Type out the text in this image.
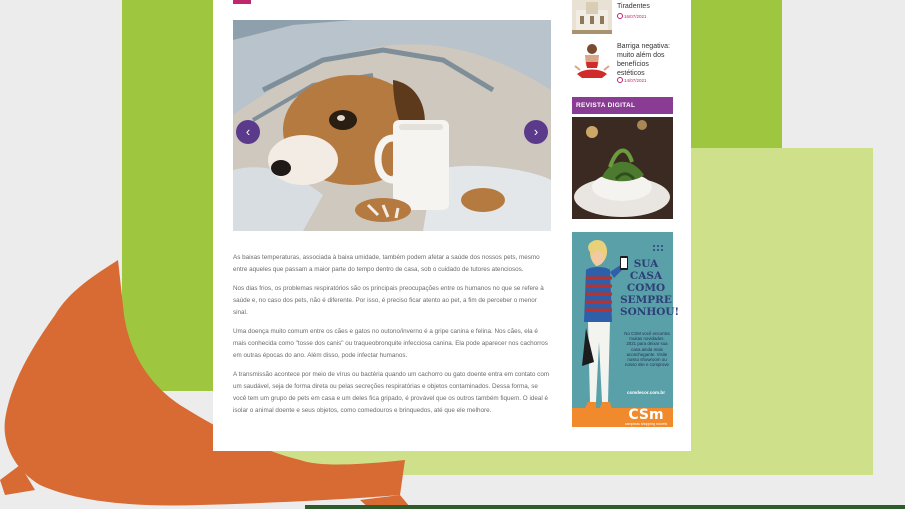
‹	›

As baixas temperaturas, associada à baixa umidade, também podem afetar a saúde dos nossos pets, mesmo entre aqueles que passam a maior parte do tempo dentro de casa, sob o cuidado de tutores atenciosos.

Nos dias frios, os problemas respiratórios são os principais preocupações entre os humanos no que se refere à saúde e, no caso dos pets, não é diferente. Por isso, é preciso ficar atento ao pet, a fim de perceber o menor sinal.

Uma doença muito comum entre os cães e gatos no outono/inverno é a gripe canina e felina. Nos cães, ela é mais conhecida como "tosse dos canis" ou traqueobronquite infecciosa canina. Ela pode aparecer nos cachorros em outras épocas do ano. Além disso, pode infectar humanos.

A transmissão acontece por meio de vírus ou bactéria quando um cachorro ou gato doente entra em contato com um saudável, seja de forma direta ou pelas secreções respiratórias e objetos contaminados. Dessa forma, se você tem um grupo de pets em casa e um deles fica gripado, é provável que os outros também fiquem. O ideal é isolar o animal doente e seus objetos, como comedouros e brinquedos, até que ele melhore.

Tiradentes
16/07/2021
Barriga negativa: muito além dos benefícios estéticos
14/07/2021
REVISTA DIGITAL
SUA CASA COMO SEMPRE SONHOU!
No CSM você encontra muitas novidades. 2021 para deixar sua casa ainda mais aconchegante. Visite nosso showroom ou nosso site e comprove
csmdecor.com.br
CSm
campinas shopping móveis
